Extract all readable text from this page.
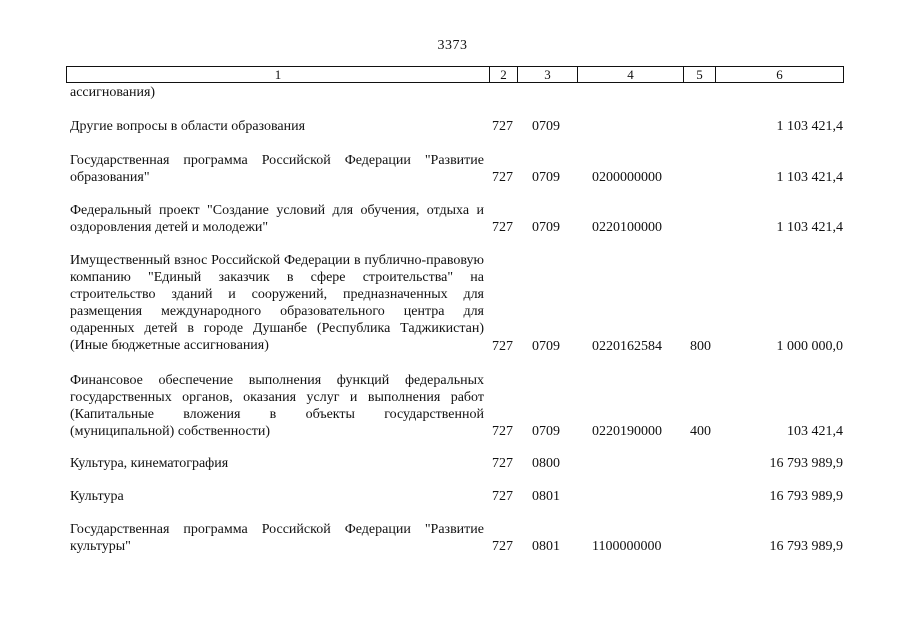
3373
1	2	3	4	5	6
ассигнования)
Другие вопросы в области образования	727 0709	1 103 421,4
Государственная программа Российской Федерации "Развитие образования"	727 0709 0200000000	1 103 421,4
Федеральный проект "Создание условий для обучения, отдыха и оздоровления детей и молодежи"	727 0709 0220100000	1 103 421,4
Имущественный взнос Российской Федерации в публично-правовую компанию "Единый заказчик в сфере строительства" на строительство зданий и сооружений, предназначенных для размещения международного образовательного центра для одаренных детей в городе Душанбе (Республика Таджикистан) (Иные бюджетные ассигнования)	727 0709 0220162584 800	1 000 000,0
Финансовое обеспечение выполнения функций федеральных государственных органов, оказания услуг и выполнения работ (Капитальные вложения в объекты государственной (муниципальной) собственности)	727 0709 0220190000 400	103 421,4
Культура, кинематография	727 0800	16 793 989,9
Культура	727 0801	16 793 989,9
Государственная программа Российской Федерации "Развитие культуры"	727 0801 1100000000	16 793 989,9
